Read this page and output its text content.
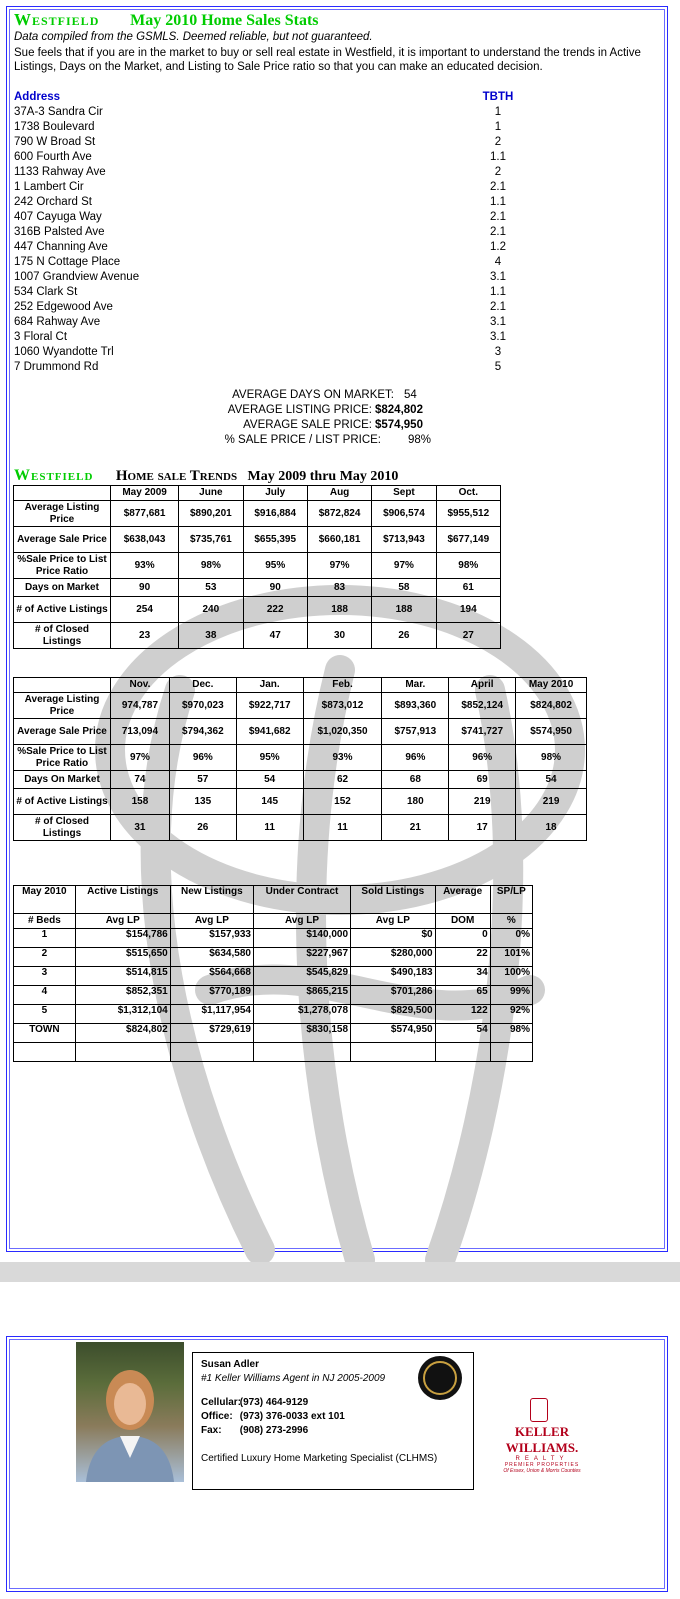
Westfield May 2010 Home Sales Stats
Data compiled from the GSMLS. Deemed reliable, but not guaranteed.
Sue feels that if you are in the market to buy or sell real estate in Westfield, it is important to understand the trends in Active Listings, Days on the Market, and Listing to Sale Price ratio so that you can make an educated decision.
Address	TBTH
37A-3 Sandra Cir	1
1738 Boulevard	1
790 W Broad St	2
600 Fourth Ave	1.1
1133 Rahway Ave	2
1 Lambert Cir	2.1
242 Orchard St	1.1
407 Cayuga Way	2.1
316B Palsted Ave	2.1
447 Channing Ave	1.2
175 N Cottage Place	4
1007 Grandview Avenue	3.1
534 Clark St	1.1
252 Edgewood Ave	2.1
684 Rahway Ave	3.1
3 Floral Ct	3.1
1060 Wyandotte Trl	3
7 Drummond Rd	5
AVERAGE DAYS ON MARKET: 54
AVERAGE LISTING PRICE: $824,802
AVERAGE SALE PRICE: $574,950
% SALE PRICE / LIST PRICE: 98%
Westfield Home sale Trends May 2009 thru May 2010
	May 2009	June	July	Aug	Sept	Oct.
Average Listing Price	$877,681	$890,201	$916,884	$872,824	$906,574	$955,512
Average Sale Price	$638,043	$735,761	$655,395	$660,181	$713,943	$677,149
%Sale Price to List Price Ratio	93%	98%	95%	97%	97%	98%
Days on Market	90	53	90	83	58	61
# of Active Listings	254	240	222	188	188	194
# of Closed Listings	23	38	47	30	26	27
	Nov.	Dec.	Jan.	Feb.	Mar.	April	May 2010
Average Listing Price	974,787	$970,023	$922,717	$873,012	$893,360	$852,124	$824,802
Average Sale Price	713,094	$794,362	$941,682	$1,020,350	$757,913	$741,727	$574,950
%Sale Price to List Price Ratio	97%	96%	95%	93%	96%	96%	98%
Days On Market	74	57	54	62	68	69	54
# of Active Listings	158	135	145	152	180	219	219
# of Closed Listings	31	26	11	11	21	17	18
May 2010	Active Listings	New Listings	Under Contract	Sold Listings	Average	SP/LP
# Beds	Avg LP	Avg LP	Avg LP	Avg LP	DOM	%
1	$154,786	$157,933	$140,000	$0	0	0%
2	$515,650	$634,580	$227,967	$280,000	22	101%
3	$514,815	$564,668	$545,829	$490,183	34	100%
4	$852,351	$770,189	$865,215	$701,286	65	99%
5	$1,312,104	$1,117,954	$1,278,078	$829,500	122	92%
TOWN	$824,802	$729,619	$830,158	$574,950	54	98%

Susan Adler
#1 Keller Williams Agent in NJ 2005-2009
Cellular: (973) 464-9129
Office: (973) 376-0033 ext 101
Fax: (908) 273-2996
Certified Luxury Home Marketing Specialist (CLHMS)
KELLER WILLIAMS.
REALTY
PREMIER PROPERTIES
Of Essex, Union & Morris Counties
